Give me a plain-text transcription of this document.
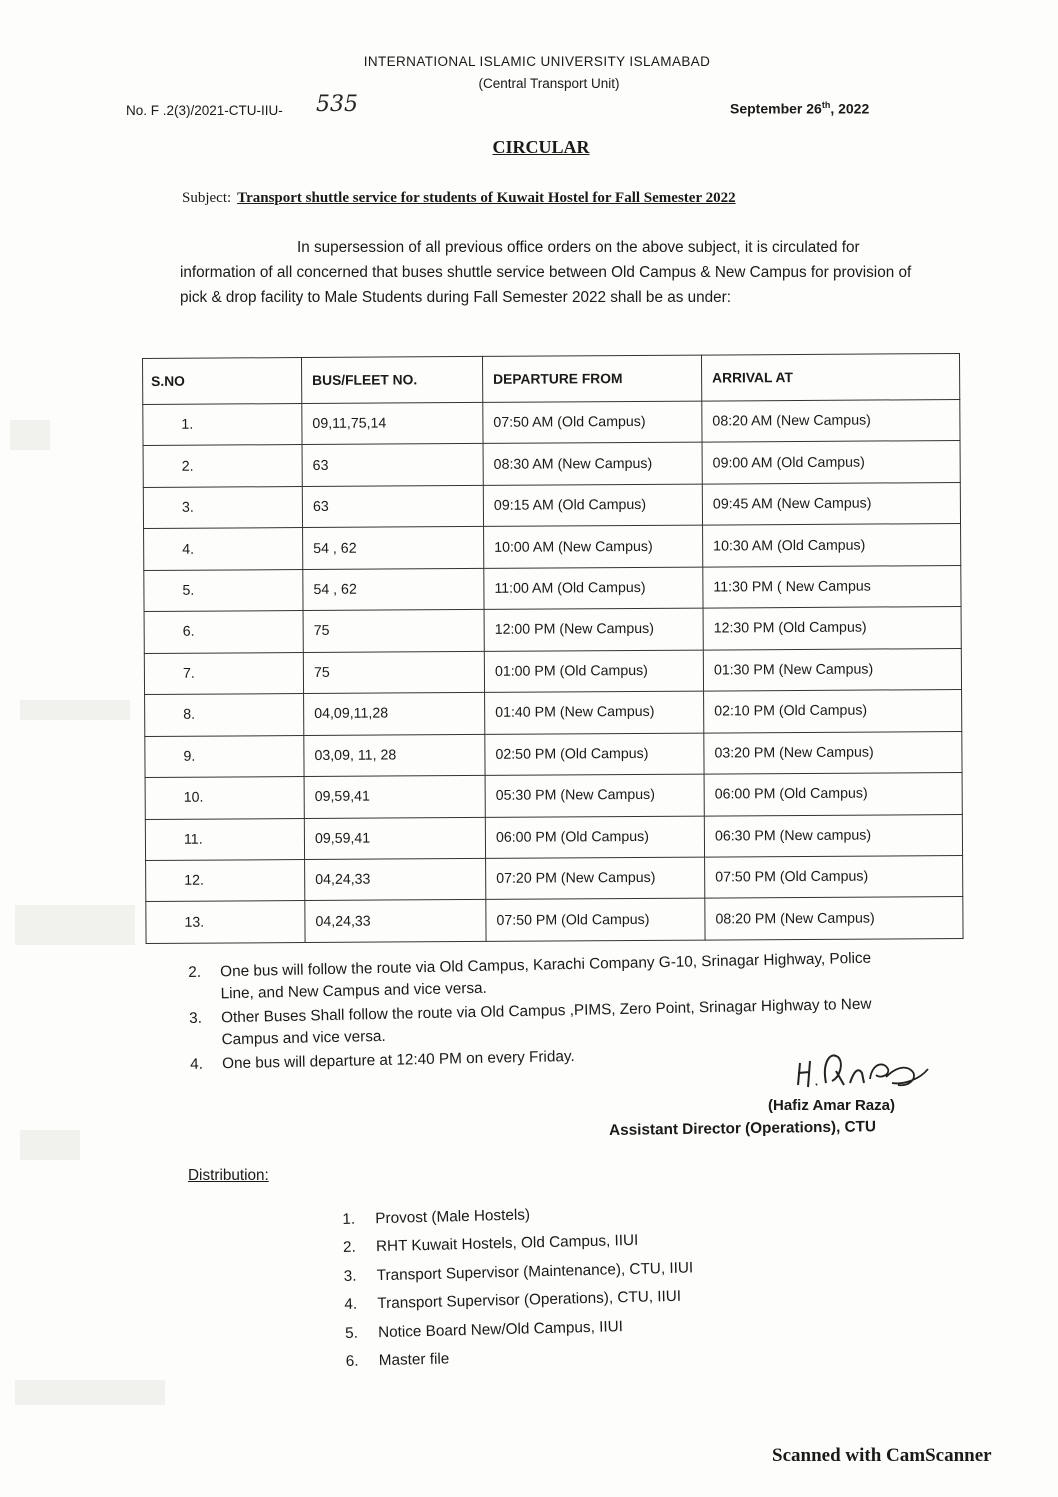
INTERNATIONAL ISLAMIC UNIVERSITY ISLAMABAD
(Central Transport Unit)
No. F .2(3)/2021-CTU-IIU- 535	September 26th, 2022
CIRCULAR
Subject: Transport shuttle service for students of Kuwait Hostel for Fall Semester 2022
In supersession of all previous office orders on the above subject, it is circulated for information of all concerned that buses shuttle service between Old Campus & New Campus for provision of pick & drop facility to Male Students during Fall Semester 2022 shall be as under:
S.NO	BUS/FLEET NO.	DEPARTURE FROM	ARRIVAL AT
1.	09,11,75,14	07:50 AM (Old Campus)	08:20 AM (New Campus)
2.	63	08:30 AM (New Campus)	09:00 AM (Old Campus)
3.	63	09:15 AM (Old Campus)	09:45 AM (New Campus)
4.	54 , 62	10:00 AM (New Campus)	10:30 AM (Old Campus)
5.	54 , 62	11:00 AM (Old Campus)	11:30 PM ( New Campus
6.	75	12:00 PM (New Campus)	12:30 PM (Old Campus)
7.	75	01:00 PM (Old Campus)	01:30 PM (New Campus)
8.	04,09,11,28	01:40 PM (New Campus)	02:10 PM (Old Campus)
9.	03,09, 11, 28	02:50 PM (Old Campus)	03:20 PM (New Campus)
10.	09,59,41	05:30 PM (New Campus)	06:00 PM (Old Campus)
11.	09,59,41	06:00 PM (Old Campus)	06:30 PM (New campus)
12.	04,24,33	07:20 PM (New Campus)	07:50 PM (Old Campus)
13.	04,24,33	07:50 PM (Old Campus)	08:20 PM (New Campus)
2.	One bus will follow the route via Old Campus, Karachi Company G-10, Srinagar Highway, Police Line, and New Campus and vice versa.
3.	Other Buses Shall follow the route via Old Campus ,PIMS, Zero Point, Srinagar Highway to New Campus and vice versa.
4.	One bus will departure at 12:40 PM on every Friday.
(Hafiz Amar Raza)
Assistant Director (Operations), CTU
Distribution:
1. Provost (Male Hostels)
2. RHT Kuwait Hostels, Old Campus, IIUI
3. Transport Supervisor (Maintenance), CTU, IIUI
4. Transport Supervisor (Operations), CTU, IIUI
5. Notice Board New/Old Campus, IIUI
6. Master file
Scanned with CamScanner
